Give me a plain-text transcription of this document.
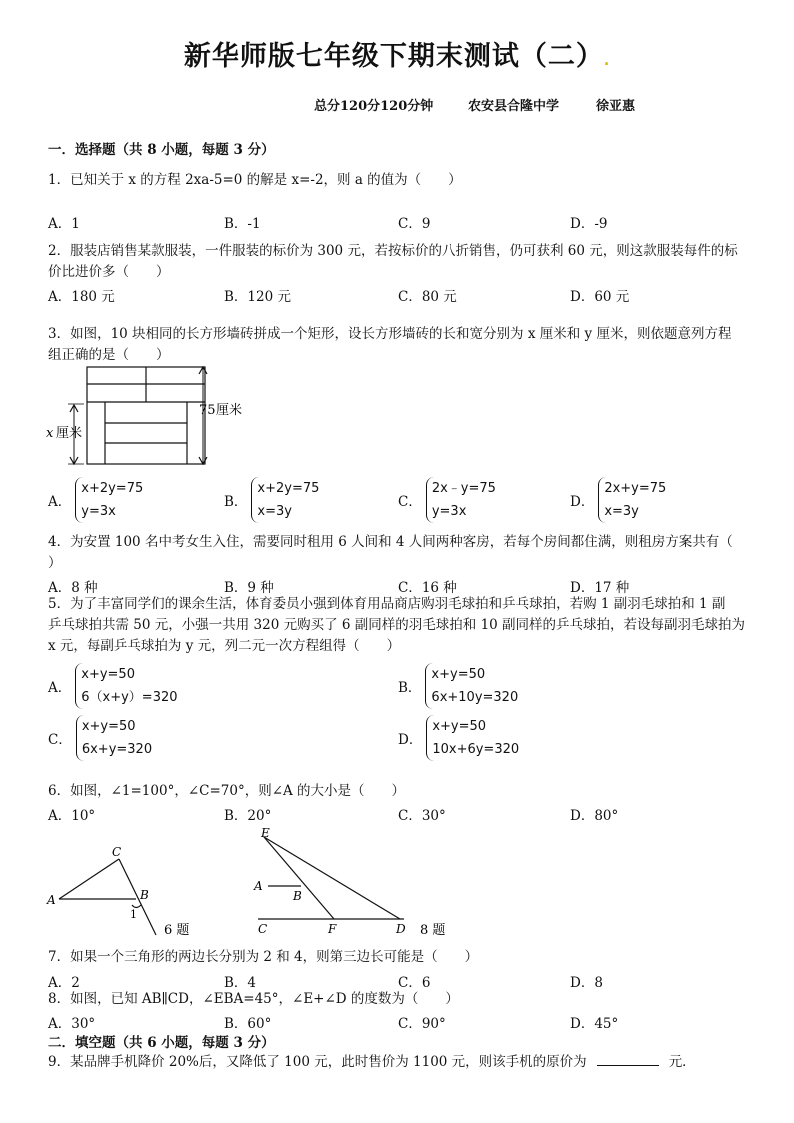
新华师版七年级下期末测试（二）.
总分120分120分钟	农安县合隆中学	徐亚惠
一．选择题（共 8 小题，每题 3 分）
1．已知关于 x 的方程 2xa-5=0 的解是 x=-2，则 a 的值为（　　）
A．1	B．-1	C．9	D．-9
2．服装店销售某款服装，一件服装的标价为 300 元，若按标价的八折销售，仍可获利 60 元，则这款服装每件的标
价比进价多（　　）
A．180 元	B．120 元	C．80 元	D．60 元
3．如图，10 块相同的长方形墙砖拼成一个矩形，设长方形墙砖的长和宽分别为 x 厘米和 y 厘米，则依题意列方程
组正确的是（　　）
75 厘米
x 厘米
A．
x+2y=75
y=3x
B．
x+2y=75
x=3y
C．
2x﹣y=75
y=3x
D．
2x+y=75
x=3y
4．为安置 100 名中考女生入住，需要同时租用 6 人间和 4 人间两种客房，若每个房间都住满，则租房方案共有（
）
A．8 种	B．9 种	C．16 种	D．17 种
5．为了丰富同学们的课余生活，体育委员小强到体育用品商店购羽毛球拍和乒乓球拍，若购 1 副羽毛球拍和 1 副
乒乓球拍共需 50 元，小强一共用 320 元购买了 6 副同样的羽毛球拍和 10 副同样的乒乓球拍，若设每副羽毛球拍为
x 元，每副乒乓球拍为 y 元，列二元一次方程组得（　　）
A．
x+y=50
6（x+y）=320
B．
x+y=50
6x+10y=320
C．
x+y=50
6x+y=320
D．
x+y=50
10x+6y=320
6．如图，∠1=100°，∠C=70°，则∠A 的大小是（　　）
A．10°	B．20°	C．30°	D．80°
A
C
B
1
6 题
E
A
B
C	F	D 8 题
7．如果一个三角形的两边长分别为 2 和 4，则第三边长可能是（　　）
A．2	B．4	C．6	D．8
8．如图，已知 AB∥CD，∠EBA=45°，∠E+∠D 的度数为（　　）
A．30°	B．60°	C．90°	D．45°
二．填空题（共 6 小题，每题 3 分）
9．某品牌手机降价 20%后，又降低了 100 元，此时售价为 1100 元，则该手机的原价为	元．
